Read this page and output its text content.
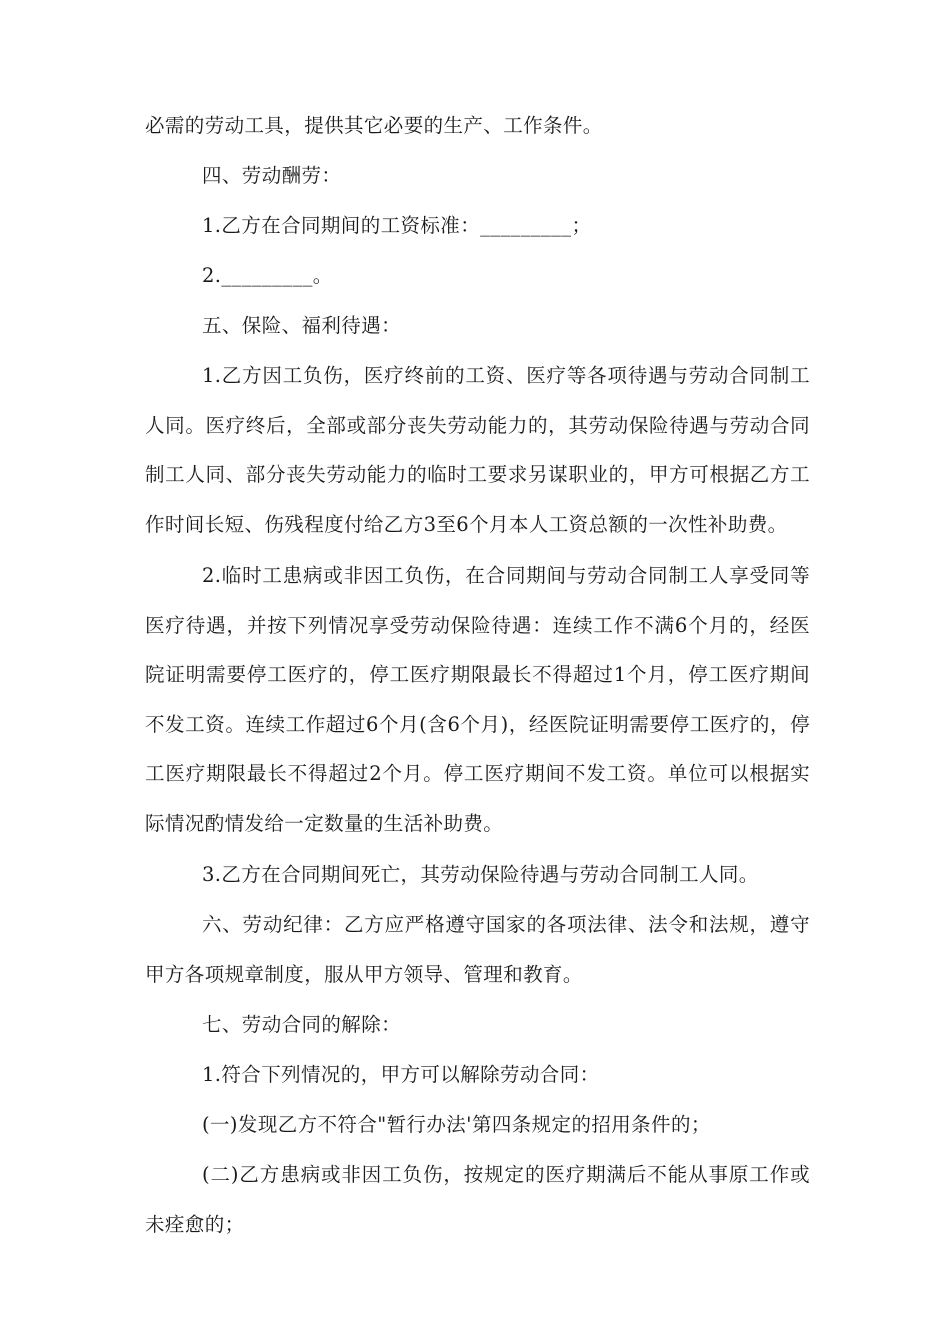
必需的劳动工具，提供其它必要的生产、工作条件。

四、劳动酬劳：

1.乙方在合同期间的工资标准：_________；

2._________。

五、保险、福利待遇：

1.乙方因工负伤，医疗终前的工资、医疗等各项待遇与劳动合同制工人同。医疗终后，全部或部分丧失劳动能力的，其劳动保险待遇与劳动合同制工人同、部分丧失劳动能力的临时工要求另谋职业的，甲方可根据乙方工作时间长短、伤残程度付给乙方3至6个月本人工资总额的一次性补助费。

2.临时工患病或非因工负伤，在合同期间与劳动合同制工人享受同等医疗待遇，并按下列情况享受劳动保险待遇：连续工作不满6个月的，经医院证明需要停工医疗的，停工医疗期限最长不得超过1个月，停工医疗期间不发工资。连续工作超过6个月(含6个月)，经医院证明需要停工医疗的，停工医疗期限最长不得超过2个月。停工医疗期间不发工资。单位可以根据实际情况酌情发给一定数量的生活补助费。

3.乙方在合同期间死亡，其劳动保险待遇与劳动合同制工人同。

六、劳动纪律：乙方应严格遵守国家的各项法律、法令和法规，遵守甲方各项规章制度，服从甲方领导、管理和教育。

七、劳动合同的解除：

1.符合下列情况的，甲方可以解除劳动合同：

(一)发现乙方不符合"暂行办法'第四条规定的招用条件的；

(二)乙方患病或非因工负伤，按规定的医疗期满后不能从事原工作或未痊愈的；
